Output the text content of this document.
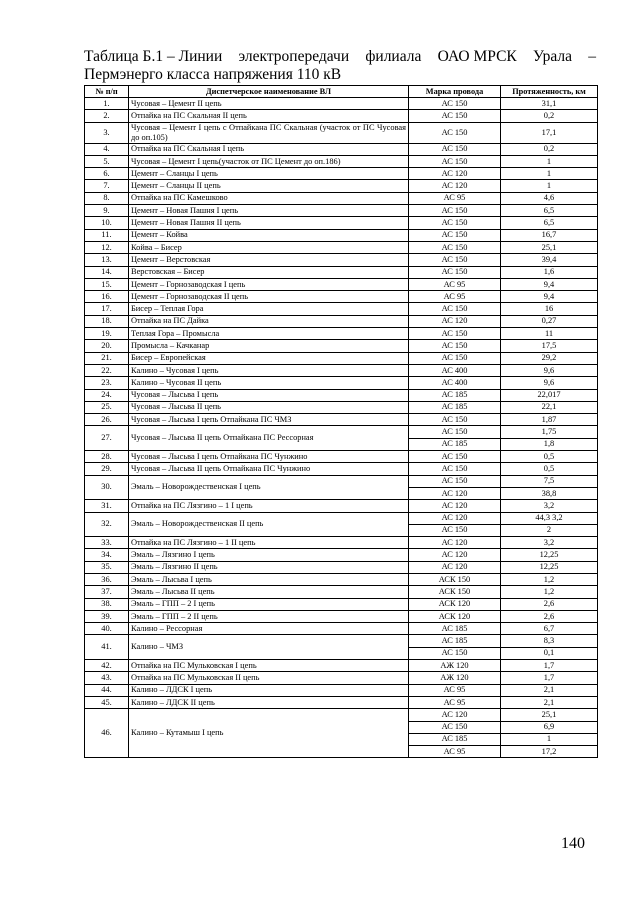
Таблица Б.1 – Линии электропередачи филиала ОАО МРСК Урала –
Пермэнерго класса напряжения 110 кВ
№ п/п	Диспетчерское наименование ВЛ	Марка провода	Протяженность, км
1.	Чусовая – Цемент II цепь	АС 150	31,1
2.	Отпайка на ПС Скальная II цепь	АС 150	0,2
3.	Чусовая – Цемент I цепь с Отпайкана ПС Скальная (участок от ПС Чусовая до оп.105)	АС 150	17,1
4.	Отпайка на ПС Скальная I цепь	АС 150	0,2
5.	Чусовая – Цемент I цепь(участок от ПС Цемент до оп.186)	АС 150	1
6.	Цемент – Сланцы I цепь	АС 120	1
7.	Цемент – Сланцы II цепь	АС 120	1
8.	Отпайка на ПС Камешково	АС 95	4,6
9.	Цемент – Новая Пашня I цепь	АС 150	6,5
10.	Цемент – Новая Пашня II цепь	АС 150	6,5
11.	Цемент – Койва	АС 150	16,7
12.	Койва – Бисер	АС 150	25,1
13.	Цемент – Верстовская	АС 150	39,4
14.	Верстовская – Бисер	АС 150	1,6
15.	Цемент – Горнозаводская I цепь	АС 95	9,4
16.	Цемент – Горнозаводская II цепь	АС 95	9,4
17.	Бисер – Теплая Гора	АС 150	16
18.	Отпайка на ПС Дайка	АС 120	0,27
19.	Теплая Гора – Промысла	АС 150	11
20.	Промысла – Качканар	АС 150	17,5
21.	Бисер – Европейская	АС 150	29,2
22.	Калино – Чусовая I цепь	АС 400	9,6
23.	Калино – Чусовая II цепь	АС 400	9,6
24.	Чусовая – Лысьва I цепь	АС 185	22,017
25.	Чусовая – Лысьва II цепь	АС 185	22,1
26.	Чусовая – Лысьва I цепь Отпайкана ПС ЧМЗ	АС 150	1,87
27.	Чусовая – Лысьва II цепь Отпайкана ПС Рессорная	АС 150	1,75
		АС 185	1,8
28.	Чусовая – Лысьва I цепь Отпайкана ПС Чунжино	АС 150	0,5
29.	Чусовая – Лысьва II цепь Отпайкана ПС Чунжино	АС 150	0,5
30.	Эмаль – Новорождественская I цепь	АС 150	7,5
		АС 120	38,8
31.	Отпайка на ПС Лязгино – 1 I цепь	АС 120	3,2
32.	Эмаль – Новорождественская II цепь	АС 120	44,3 3,2
		АС 150	2
33.	Отпайка на ПС Лязгино – 1 II цепь	АС 120	3,2
34.	Эмаль – Лязгино I цепь	АС 120	12,25
35.	Эмаль – Лязгино II цепь	АС 120	12,25
36.	Эмаль – Лысьва I цепь	АСК 150	1,2
37.	Эмаль – Лысьва II цепь	АСК 150	1,2
38.	Эмаль – ГПП – 2 I цепь	АСК 120	2,6
39.	Эмаль – ГПП – 2 II цепь	АСК 120	2,6
40.	Калино – Рессорная	АС 185	6,7
41.	Калино – ЧМЗ	АС 185	8,3
		АС 150	0,1
42.	Отпайка на ПС Мульковская I цепь	АЖ 120	1,7
43.	Отпайка на ПС Мульковская II цепь	АЖ 120	1,7
44.	Калино – ЛДСК I цепь	АС 95	2,1
45.	Калино – ЛДСК II цепь	АС 95	2,1
46.	Калино – Кутамыш I цепь	АС 120	25,1
		АС 150	6,9
		АС 185	1
		АС 95	17,2
140
